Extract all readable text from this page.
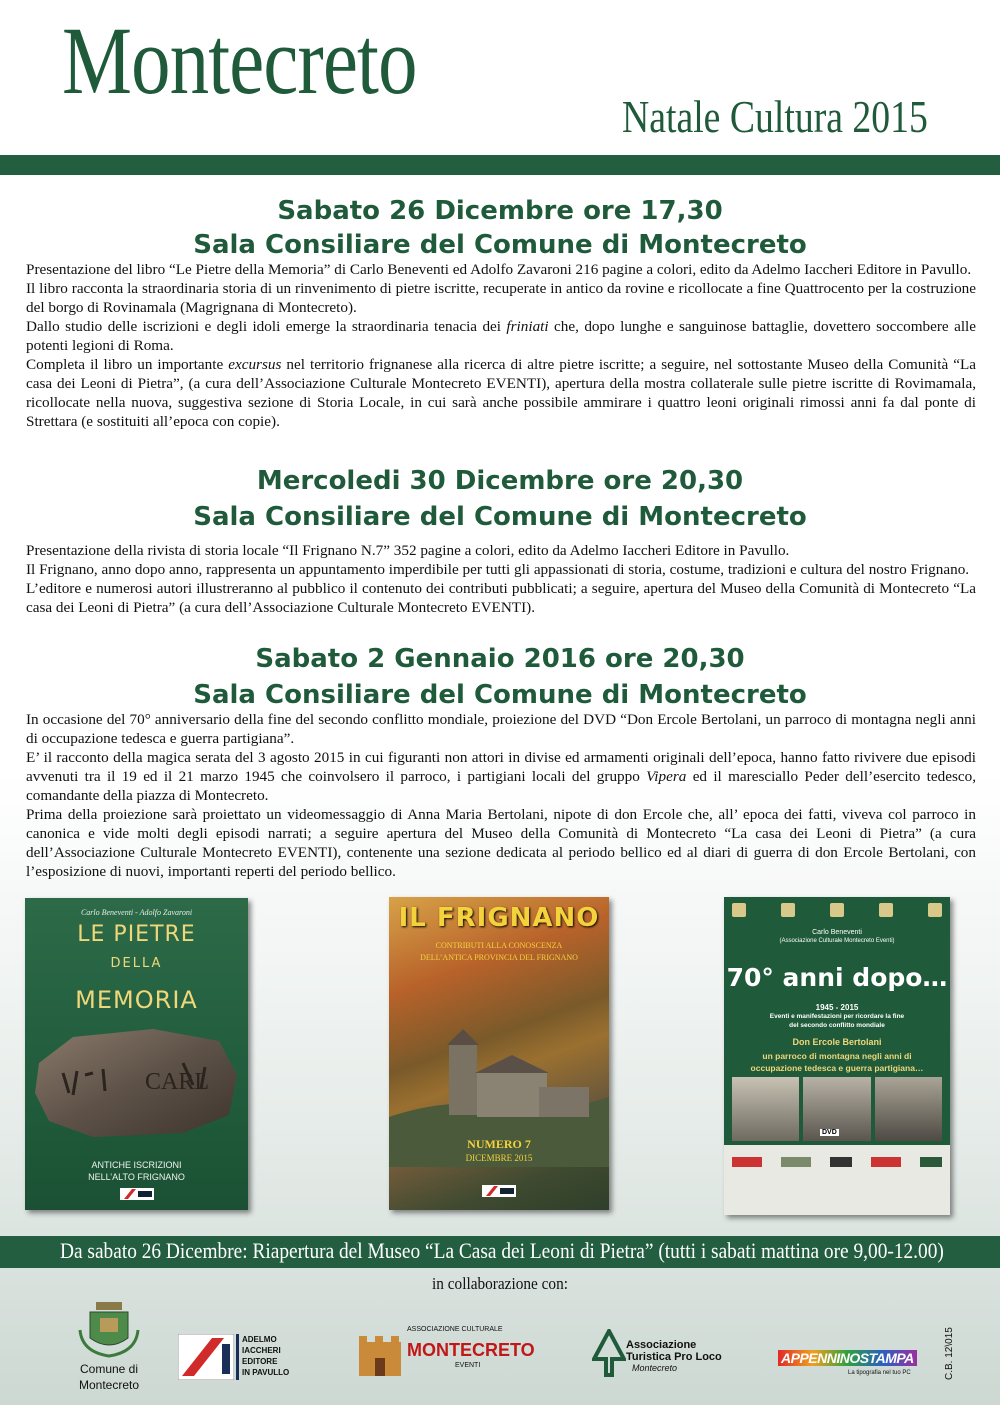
Montecreto
Natale Cultura 2015
Sabato 26 Dicembre ore 17,30
Sala Consiliare del Comune di Montecreto

Presentazione del libro “Le Pietre della Memoria” di Carlo Beneventi ed Adolfo Zavaroni 216 pagine a colori, edito da Adelmo Iaccheri Editore in Pavullo.

Il libro racconta la straordinaria storia di un rinvenimento di pietre iscritte, recuperate in antico da rovine e ricollocate a fine Quattrocento per la costruzione del borgo di Rovinamala (Magrignana di Montecreto).

Dallo studio delle iscrizioni e degli idoli emerge la straordinaria tenacia dei friniati che, dopo lunghe e sanguinose battaglie, dovettero soccombere alle potenti legioni di Roma.

Completa il libro un importante excursus nel territorio frignanese alla ricerca di altre pietre iscritte; a seguire, nel sottostante Museo della Comunità “La casa dei Leoni di Pietra”, (a cura dell’Associazione Culturale Montecreto EVENTI), apertura della mostra collaterale sulle pietre iscritte di Rovimamala, ricollocate nella nuova, suggestiva sezione di Storia Locale, in cui sarà anche possibile ammirare i quattro leoni originali rimossi anni fa dal ponte di Strettara (e sostituiti all’epoca con copie).

Mercoledi 30 Dicembre ore 20,30
Sala Consiliare del Comune di Montecreto

Presentazione della rivista di storia locale “Il Frignano N.7” 352 pagine a colori, edito da Adelmo Iaccheri Editore in Pavullo.

Il Frignano, anno dopo anno, rappresenta un appuntamento imperdibile per tutti gli appassionati di storia, costume, tradizioni e cultura del nostro Frignano.

L’editore e numerosi autori illustreranno al pubblico il contenuto dei contributi pubblicati; a seguire, apertura del Museo della Comunità di Montecreto “La casa dei Leoni di Pietra” (a cura dell’Associazione Culturale Montecreto EVENTI).

Sabato 2 Gennaio 2016 ore 20,30
Sala Consiliare del Comune di Montecreto

In occasione del 70° anniversario della fine del secondo conflitto mondiale, proiezione del DVD “Don Ercole Bertolani, un parroco di montagna negli anni di occupazione tedesca e guerra partigiana”.

E’ il racconto della magica serata del 3 agosto 2015 in cui figuranti non attori in divise ed armamenti originali dell’epoca, hanno fatto rivivere due episodi avvenuti tra il 19 ed il 21 marzo 1945 che coinvolsero il parroco, i partigiani locali del gruppo Vipera ed il maresciallo Peder dell’esercito tedesco, comandante della piazza di Montecreto.

Prima della proiezione sarà proiettato un videomessaggio di Anna Maria Bertolani, nipote di don Ercole che, all’ epoca dei fatti, viveva col parroco in canonica e vide molti degli episodi narrati; a seguire apertura del Museo della Comunità di Montecreto “La casa dei Leoni di Pietra” (a cura dell’Associazione Culturale Montecreto EVENTI), contenente una sezione dedicata al periodo bellico ed al diari di guerra di don Ercole Bertolani, con l’esposizione di nuovi, importanti reperti del periodo bellico.

Carlo Beneventi - Adolfo Zavaroni
LE PIETRE
DELLA
MEMORIA
CARL
ANTICHE ISCRIZIONI
NELL’ALTO FRIGNANO
IL FRIGNANO
CONTRIBUTI ALLA CONOSCENZA
DELL’ANTICA PROVINCIA DEL FRIGNANO
NUMERO 7
DICEMBRE 2015
Carlo Beneventi
(Associazione Culturale Montecreto Eventi)
70° anni dopo…
1945 - 2015
Eventi e manifestazioni per ricordare la fine
del secondo conflitto mondiale
Don Ercole Bertolani
un parroco di montagna negli anni di
occupazione tedesca e guerra partigiana…
DVD
Da sabato 26 Dicembre: Riapertura del Museo “La Casa dei Leoni di Pietra” (tutti i sabati mattina ore 9,00-12.00)
in collaborazione con:
Comune di
Montecreto
ADELMO
IACCHERI
EDITORE
IN PAVULLO
ASSOCIAZIONE CULTURALE
MONTECRETO
EVENTI
Associazione
Turistica Pro Loco
Montecreto
APPENNINOSTAMPA
La tipografia nel tuo PC	C.B. 12\015
